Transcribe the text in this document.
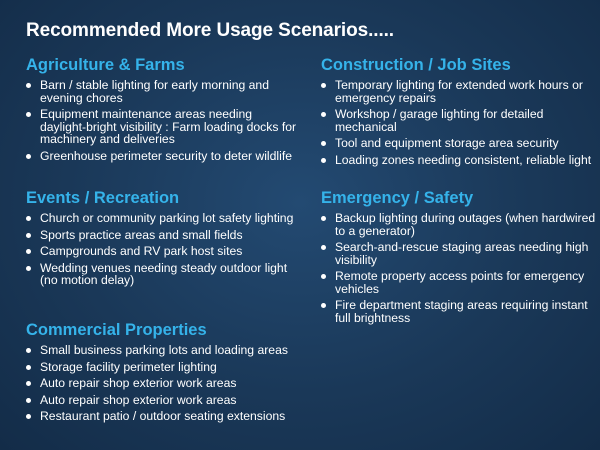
Recommended More Usage Scenarios.....
Agriculture & Farms
Barn / stable lighting for early morning and evening chores
Equipment maintenance areas needing daylight-bright visibility : Farm loading docks for machinery and deliveries
Greenhouse perimeter security to deter wildlife
Construction / Job Sites
Temporary lighting for extended work hours or emergency repairs
Workshop / garage lighting for detailed mechanical
Tool and equipment storage area security
Loading zones needing consistent, reliable light
Events / Recreation
Church or community parking lot safety lighting
Sports practice areas and small fields
Campgrounds and RV park host sites
Wedding venues needing steady outdoor light (no motion delay)
Emergency / Safety
Backup lighting during outages (when hardwired to a generator)
Search-and-rescue staging areas needing high visibility
Remote property access points for emergency vehicles
Fire department staging areas requiring instant full brightness
Commercial Properties
Small business parking lots and loading areas
Storage facility perimeter lighting
Auto repair shop exterior work areas
Auto repair shop exterior work areas
Restaurant patio / outdoor seating extensions
